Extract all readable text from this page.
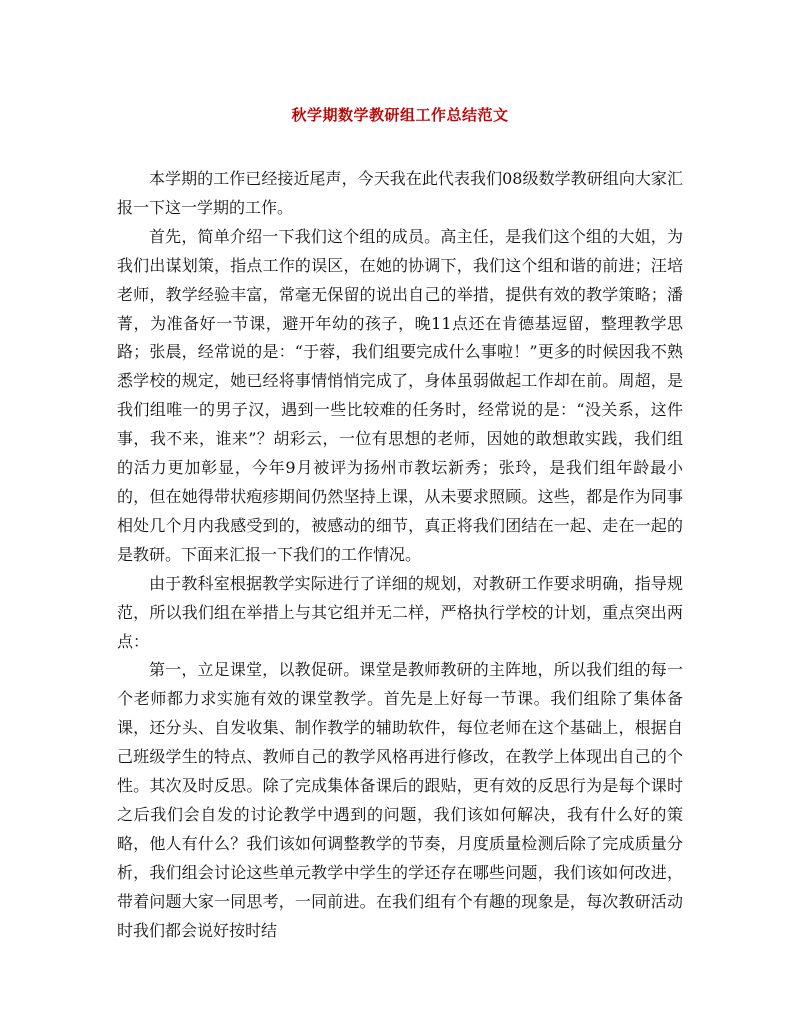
秋学期数学教研组工作总结范文

本学期的工作已经接近尾声，今天我在此代表我们08级数学教研组向大家汇报一下这一学期的工作。

首先，简单介绍一下我们这个组的成员。高主任，是我们这个组的大姐，为我们出谋划策，指点工作的误区，在她的协调下，我们这个组和谐的前进；汪培老师，教学经验丰富，常毫无保留的说出自己的举措，提供有效的教学策略；潘菁，为准备好一节课，避开年幼的孩子，晚11点还在肯德基逗留，整理教学思路；张晨，经常说的是：“于蓉，我们组要完成什么事啦！”更多的时候因我不熟悉学校的规定，她已经将事情悄悄完成了，身体虽弱做起工作却在前。周超，是我们组唯一的男子汉，遇到一些比较难的任务时，经常说的是：“没关系，这件事，我不来，谁来”？胡彩云，一位有思想的老师，因她的敢想敢实践，我们组的活力更加彰显，今年9月被评为扬州市教坛新秀；张玲，是我们组年龄最小的，但在她得带状疱疹期间仍然坚持上课，从未要求照顾。这些，都是作为同事相处几个月内我感受到的，被感动的细节，真正将我们团结在一起、走在一起的是教研。下面来汇报一下我们的工作情况。

由于教科室根据教学实际进行了详细的规划，对教研工作要求明确，指导规范，所以我们组在举措上与其它组并无二样，严格执行学校的计划，重点突出两点：

第一，立足课堂，以教促研。课堂是教师教研的主阵地，所以我们组的每一个老师都力求实施有效的课堂教学。首先是上好每一节课。我们组除了集体备课，还分头、自发收集、制作教学的辅助软件，每位老师在这个基础上，根据自己班级学生的特点、教师自己的教学风格再进行修改，在教学上体现出自己的个性。其次及时反思。除了完成集体备课后的跟贴，更有效的反思行为是每个课时之后我们会自发的讨论教学中遇到的问题，我们该如何解决，我有什么好的策略，他人有什么？我们该如何调整教学的节奏，月度质量检测后除了完成质量分析，我们组会讨论这些单元教学中学生的学还存在哪些问题，我们该如何改进，带着问题大家一同思考，一同前进。在我们组有个有趣的现象是，每次教研活动时我们都会说好按时结
